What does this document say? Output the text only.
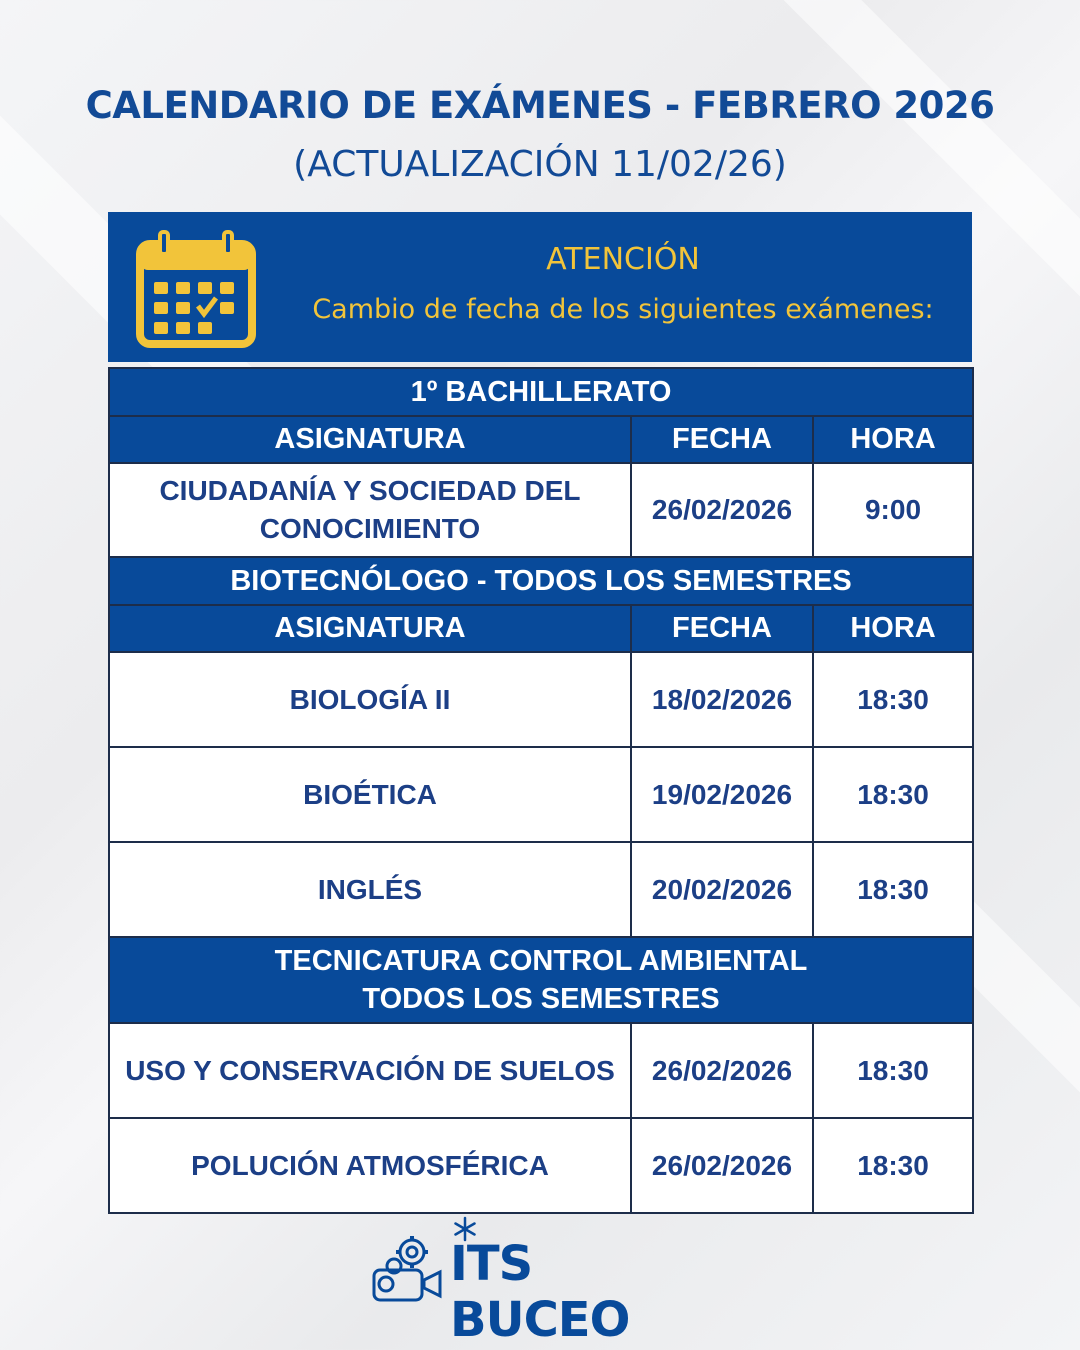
CALENDARIO DE EXÁMENES - FEBRERO 2026
(ACTUALIZACIÓN 11/02/26)
ATENCIÓN
Cambio de fecha de los siguientes exámenes:
1º BACHILLERATO		
ASIGNATURA	FECHA	HORA
CIUDADANÍA Y SOCIEDAD DEL CONOCIMIENTO	26/02/2026	9:00
BIOTECNÓLOGO - TODOS LOS SEMESTRES		
ASIGNATURA	FECHA	HORA
BIOLOGÍA II	18/02/2026	18:30
BIOÉTICA	19/02/2026	18:30
INGLÉS	20/02/2026	18:30

TECNICATURA CONTROL AMBIENTAL
TODOS LOS SEMESTRES		

USO Y CONSERVACIÓN DE SUELOS	26/02/2026	18:30
POLUCIÓN ATMOSFÉRICA	26/02/2026	18:30
ITS BUCEO
